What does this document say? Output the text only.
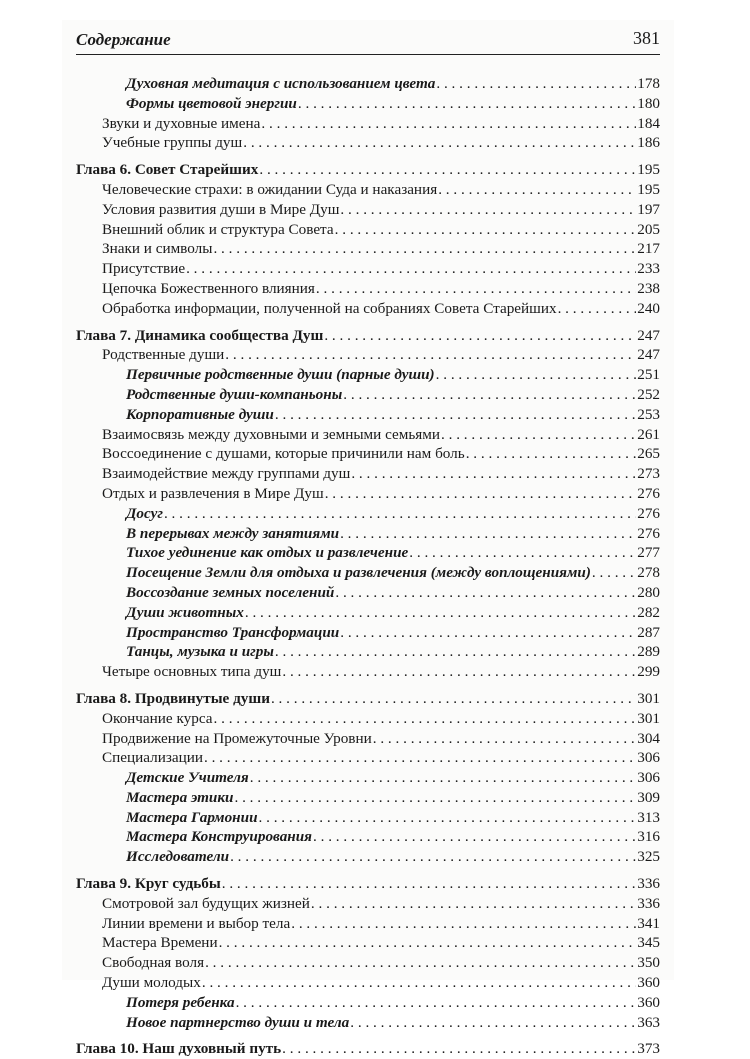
Содержание	381
Духовная медитация с использованием цвета . . .	178
Формы цветовой энергии . . .	180
Звуки и духовные имена . . .	184
Учебные группы душ . . .	186
Глава 6. Совет Старейших . . .	195
Человеческие страхи: в ожидании Суда и наказания . . .	195
Условия развития души в Мире Душ . . .	197
Внешний облик и структура Совета . . .	205
Знаки и символы . . .	217
Присутствие . . .	233
Цепочка Божественного влияния . . .	238
Обработка информации, полученной на собраниях Совета Старейших . . .	240
Глава 7. Динамика сообщества Душ . . .	247
Родственные души . . .	247
Первичные родственные души (парные души) . . .	251
Родственные души-компаньоны . . .	252
Корпоративные души . . .	253
Взаимосвязь между духовными и земными семьями . . .	261
Воссоединение с душами, которые причинили нам боль . . .	265
Взаимодействие между группами душ . . .	273
Отдых и развлечения в Мире Душ . . .	276
Досуг . . .	276
В перерывах между занятиями . . .	276
Тихое уединение как отдых и развлечение . . .	277
Посещение Земли для отдыха и развлечения (между воплощениями) . . .	278
Воссоздание земных поселений . . .	280
Души животных . . .	282
Пространство Трансформации . . .	287
Танцы, музыка и игры . . .	289
Четыре основных типа душ . . .	299
Глава 8. Продвинутые души . . .	301
Окончание курса . . .	301
Продвижение на Промежуточные Уровни . . .	304
Специализации . . .	306
Детские Учителя . . .	306
Мастера этики . . .	309
Мастера Гармонии . . .	313
Мастера Конструирования . . .	316
Исследователи . . .	325
Глава 9. Круг судьбы . . .	336
Смотровой зал будущих жизней . . .	336
Линии времени и выбор тела . . .	341
Мастера Времени . . .	345
Свободная воля . . .	350
Души молодых . . .	360
Потеря ребенка . . .	360
Новое партнерство души и тела . . .	363
Глава 10. Наш духовный путь . . .	373
